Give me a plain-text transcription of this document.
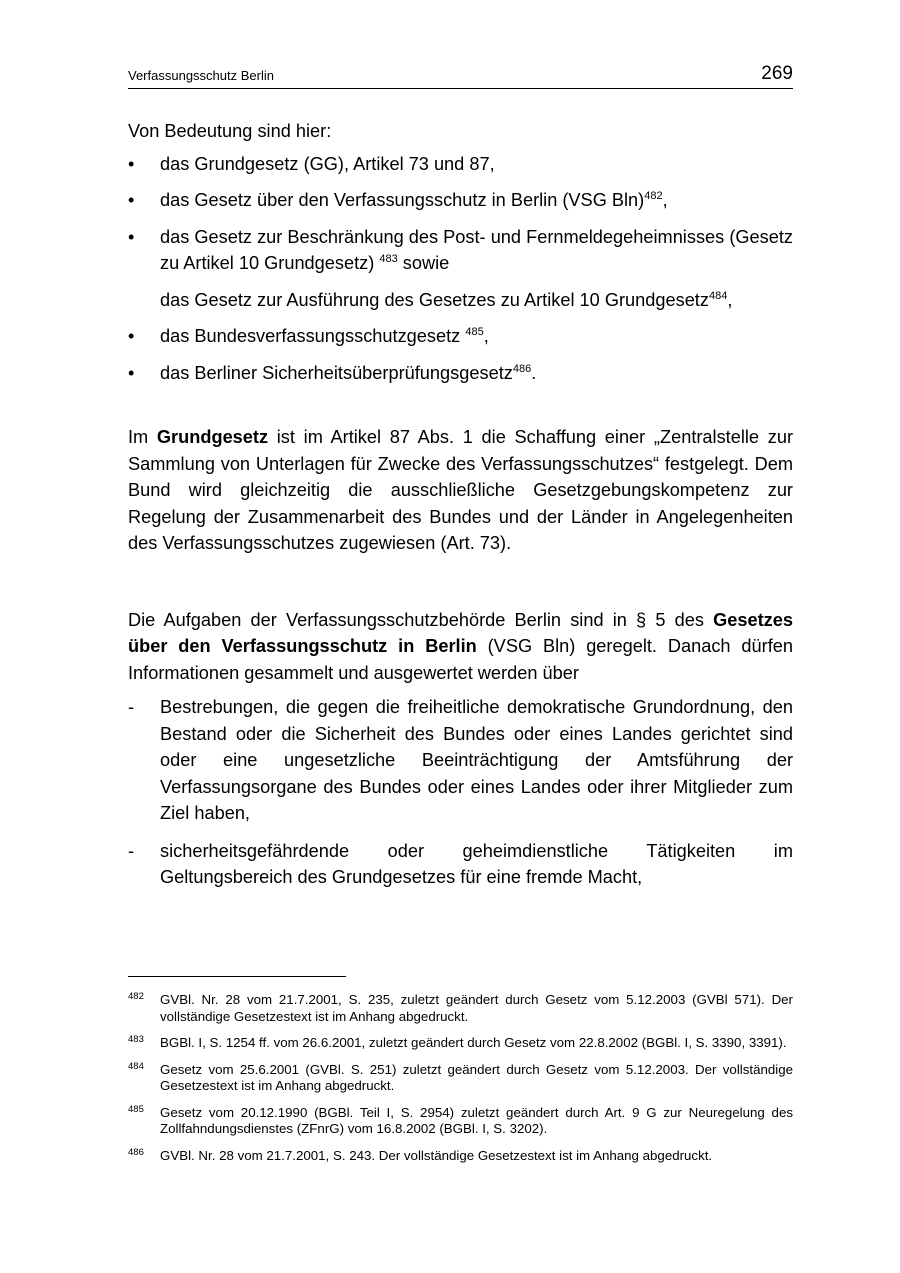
Verfassungsschutz Berlin	269

Von Bedeutung sind hier:

• das Grundgesetz (GG), Artikel 73 und 87,
• das Gesetz über den Verfassungsschutz in Berlin (VSG Bln)$^{482}$,
• das Gesetz zur Beschränkung des Post- und Fernmeldegeheimnisses (Gesetz zu Artikel 10 Grundgesetz) $^{483}$ sowie

das Gesetz zur Ausführung des Gesetzes zu Artikel 10 Grundgesetz$^{484}$,

• das Bundesverfassungsschutzgesetz $^{485}$,
• das Berliner Sicherheitsüberprüfungsgesetz$^{486}$.

Im Grundgesetz ist im Artikel 87 Abs. 1 die Schaffung einer „Zentralstelle zur Sammlung von Unterlagen für Zwecke des Verfassungsschutzes“ festgelegt. Dem Bund wird gleichzeitig die ausschließliche Gesetzgebungskompetenz zur Regelung der Zusammenarbeit des Bundes und der Länder in Angelegenheiten des Verfassungsschutzes zugewiesen (Art. 73).

Die Aufgaben der Verfassungsschutzbehörde Berlin sind in § 5 des Gesetzes über den Verfassungsschutz in Berlin (VSG Bln) geregelt. Danach dürfen Informationen gesammelt und ausgewertet werden über

- Bestrebungen, die gegen die freiheitliche demokratische Grundordnung, den Bestand oder die Sicherheit des Bundes oder eines Landes gerichtet sind oder eine ungesetzliche Beeinträchtigung der Amtsführung der Verfassungsorgane des Bundes oder eines Landes oder ihrer Mitglieder zum Ziel haben,
- sicherheitsgefährdende oder geheimdienstliche Tätigkeiten im Geltungsbereich des Grundgesetzes für eine fremde Macht,
482 GVBl. Nr. 28 vom 21.7.2001, S. 235, zuletzt geändert durch Gesetz vom 5.12.2003 (GVBl 571). Der vollständige Gesetzestext ist im Anhang abgedruckt.
483 BGBl. I, S. 1254 ff. vom 26.6.2001, zuletzt geändert durch Gesetz vom 22.8.2002 (BGBl. I, S. 3390, 3391).
484 Gesetz vom 25.6.2001 (GVBl. S. 251) zuletzt geändert durch Gesetz vom 5.12.2003. Der vollständige Gesetzestext ist im Anhang abgedruckt.
485 Gesetz vom 20.12.1990 (BGBl. Teil I, S. 2954) zuletzt geändert durch Art. 9 G zur Neuregelung des Zollfahndungsdienstes (ZFnrG) vom 16.8.2002 (BGBl. I, S. 3202).
486 GVBl. Nr. 28 vom 21.7.2001, S. 243. Der vollständige Gesetzestext ist im Anhang abgedruckt.
